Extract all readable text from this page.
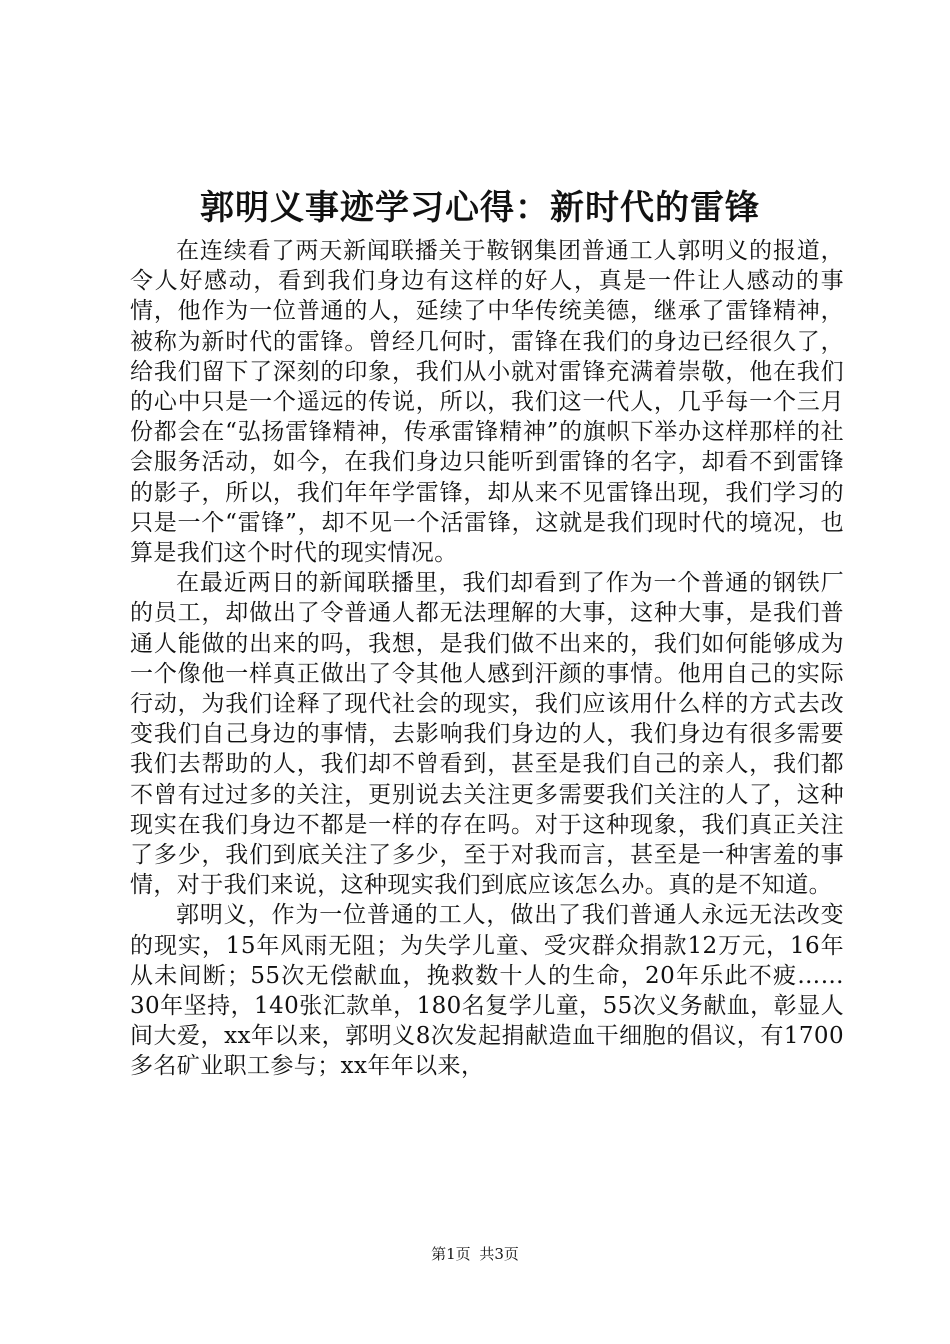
郭明义事迹学习心得：新时代的雷锋

在连续看了两天新闻联播关于鞍钢集团普通工人郭明义的报道，令人好感动，看到我们身边有这样的好人，真是一件让人感动的事情，他作为一位普通的人，延续了中华传统美德，继承了雷锋精神，被称为新时代的雷锋。曾经几何时，雷锋在我们的身边已经很久了，给我们留下了深刻的印象，我们从小就对雷锋充满着崇敬，他在我们的心中只是一个遥远的传说，所以，我们这一代人，几乎每一个三月份都会在“弘扬雷锋精神，传承雷锋精神”的旗帜下举办这样那样的社会服务活动，如今，在我们身边只能听到雷锋的名字，却看不到雷锋的影子，所以，我们年年学雷锋，却从来不见雷锋出现，我们学习的只是一个“雷锋”，却不见一个活雷锋，这就是我们现时代的境况，也算是我们这个时代的现实情况。

在最近两日的新闻联播里，我们却看到了作为一个普通的钢铁厂的员工，却做出了令普通人都无法理解的大事，这种大事，是我们普通人能做的出来的吗，我想，是我们做不出来的，我们如何能够成为一个像他一样真正做出了令其他人感到汗颜的事情。他用自己的实际行动，为我们诠释了现代社会的现实，我们应该用什么样的方式去改变我们自己身边的事情，去影响我们身边的人，我们身边有很多需要我们去帮助的人，我们却不曾看到，甚至是我们自己的亲人，我们都不曾有过过多的关注，更别说去关注更多需要我们关注的人了，这种现实在我们身边不都是一样的存在吗。对于这种现象，我们真正关注了多少，我们到底关注了多少，至于对我而言，甚至是一种害羞的事情，对于我们来说，这种现实我们到底应该怎么办。真的是不知道。

郭明义，作为一位普通的工人，做出了我们普通人永远无法改变的现实，15年风雨无阻；为失学儿童、受灾群众捐款12万元，16年从未间断；55次无偿献血，挽救数十人的生命，20年乐此不疲……30年坚持，140张汇款单，180名复学儿童，55次义务献血，彰显人间大爱，xx年以来，郭明义8次发起捐献造血干细胞的倡议，有1700多名矿业职工参与；xx年年以来，

第1页 共3页
